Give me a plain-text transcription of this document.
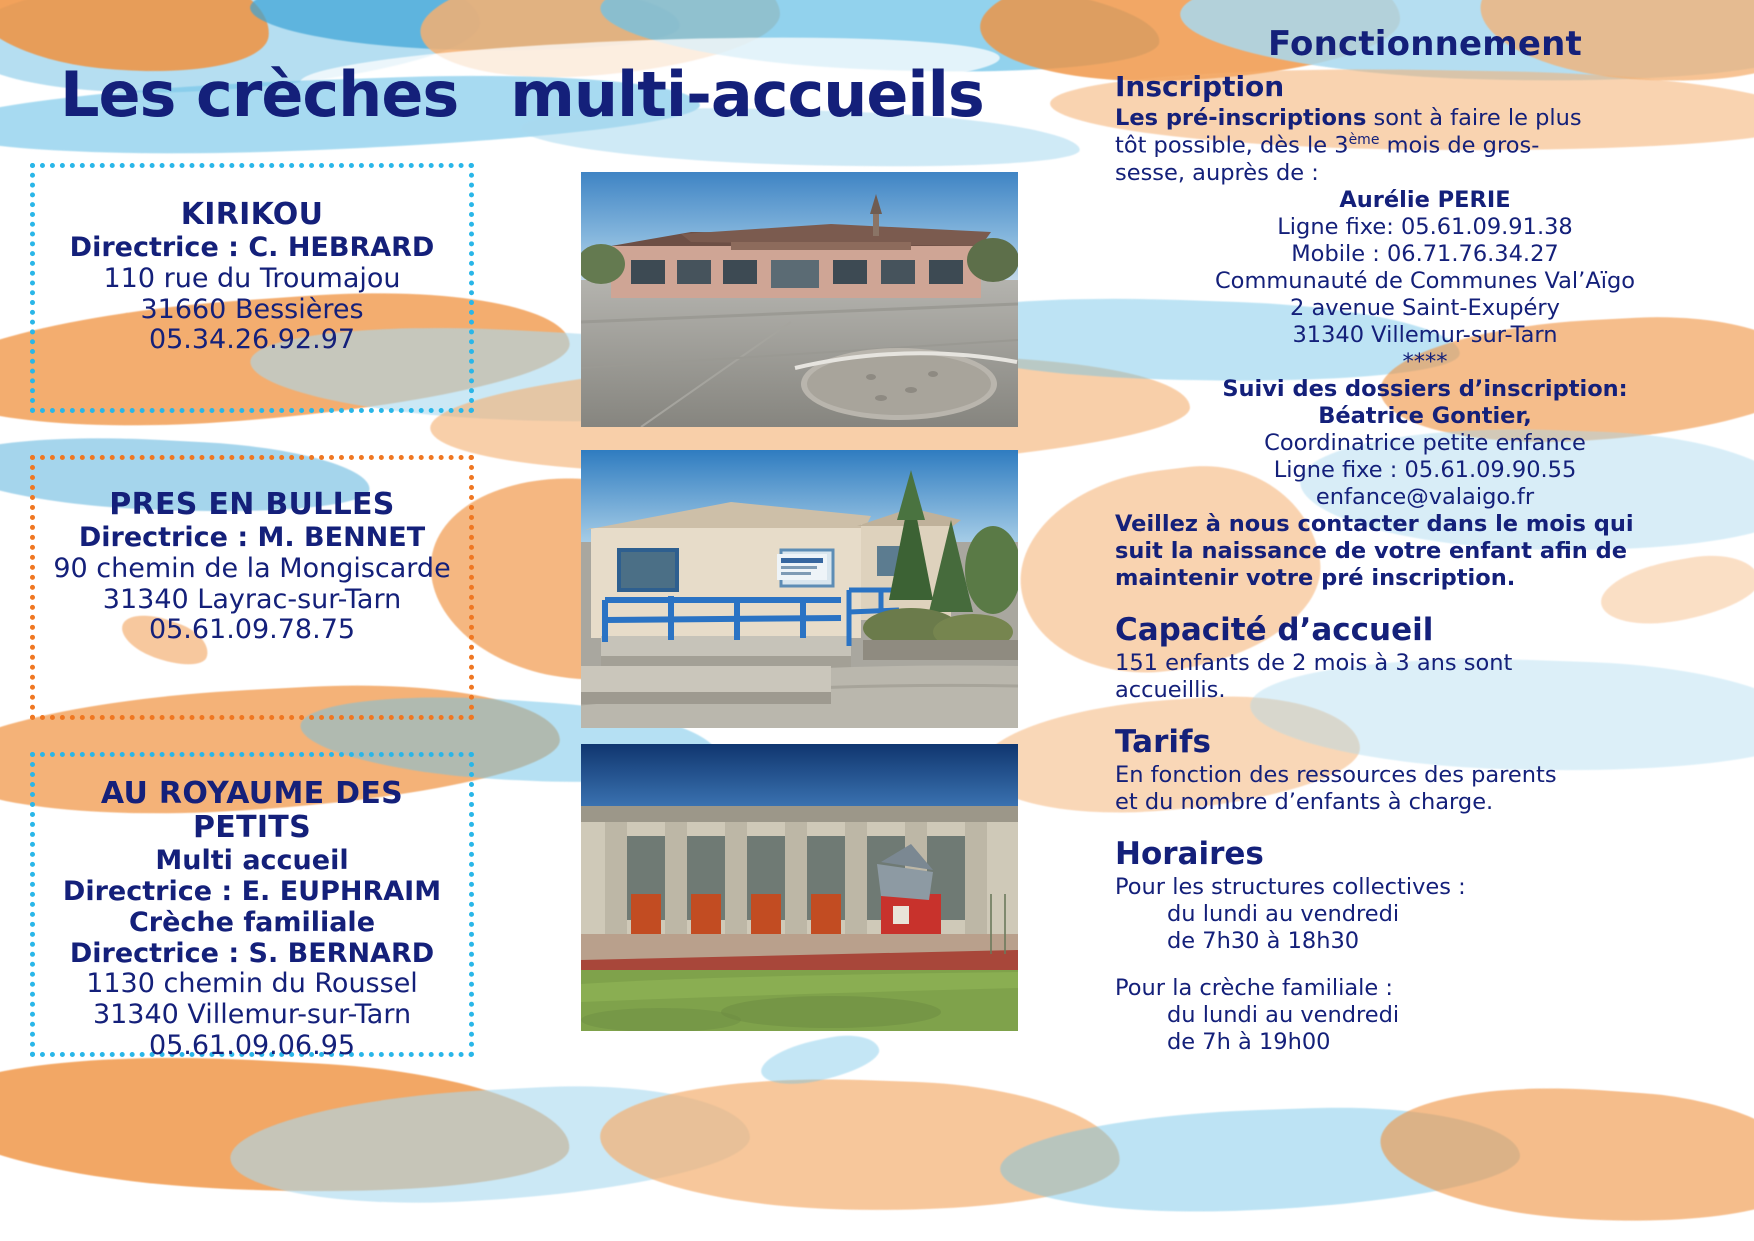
Les crèches multi-accueils
KIRIKOU
Directrice : C. HEBRARD
110 rue du Troumajou
31660 Bessières
05.34.26.92.97
PRES EN BULLES
Directrice : M. BENNET
90 chemin de la Mongiscarde
31340 Layrac-sur-Tarn
05.61.09.78.75
AU ROYAUME DES PETITS
Multi accueil
Directrice : E. EUPHRAIM
Crèche familiale
Directrice : S. BERNARD
1130 chemin du Roussel
31340 Villemur-sur-Tarn
05.61.09.06.95
Fonctionnement
Inscription

Les pré-inscriptions sont à faire le plus

tôt possible, dès le 3ème mois de gros-

sesse, auprès de :

Aurélie PERIE

Ligne fixe: 05.61.09.91.38

Mobile : 06.71.76.34.27

Communauté de Communes Val’Aïgo

2 avenue Saint-Exupéry

31340 Villemur-sur-Tarn

****

Suivi des dossiers d’inscription:

Béatrice Gontier,

Coordinatrice petite enfance

Ligne fixe : 05.61.09.90.55

enfance@valaigo.fr

Veillez à nous contacter dans le mois qui

suit la naissance de votre enfant afin de

maintenir votre pré inscription.

Capacité d’accueil

151 enfants de 2 mois à 3 ans sont

accueillis.

Tarifs

En fonction des ressources des parents

et du nombre d’enfants à charge.

Horaires

Pour les structures collectives :

du lundi au vendredi

de 7h30 à 18h30

Pour la crèche familiale :

du lundi au vendredi

de 7h à 19h00
